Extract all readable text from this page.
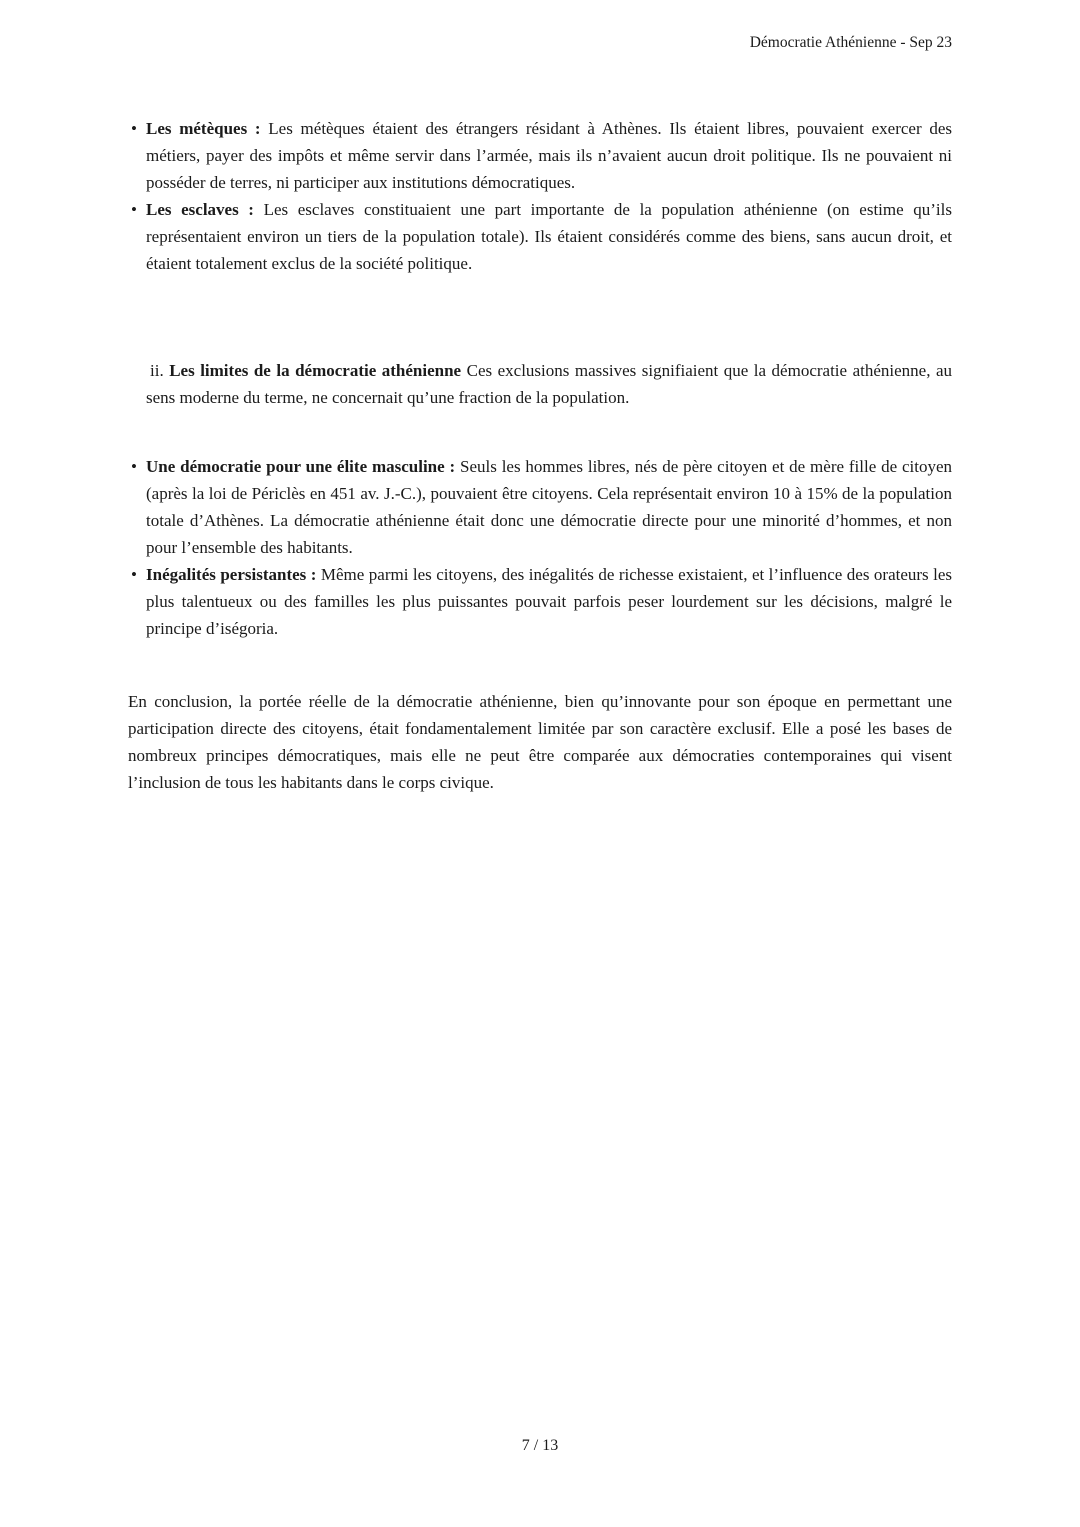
Démocratie Athénienne - Sep 23
• Les métèques : Les métèques étaient des étrangers résidant à Athènes. Ils étaient libres, pouvaient exercer des métiers, payer des impôts et même servir dans l’armée, mais ils n’avaient aucun droit politique. Ils ne pouvaient ni posséder de terres, ni participer aux institutions démocratiques.
• Les esclaves : Les esclaves constituaient une part importante de la population athénienne (on estime qu’ils représentaient environ un tiers de la population totale). Ils étaient considérés comme des biens, sans aucun droit, et étaient totalement exclus de la société politique.

ii. Les limites de la démocratie athénienne Ces exclusions massives signifiaient que la démocratie athénienne, au sens moderne du terme, ne concernait qu’une fraction de la population.

• Une démocratie pour une élite masculine : Seuls les hommes libres, nés de père citoyen et de mère fille de citoyen (après la loi de Périclès en 451 av. J.-C.), pouvaient être citoyens. Cela représentait environ 10 à 15% de la population totale d’Athènes. La démocratie athénienne était donc une démocratie directe pour une minorité d’hommes, et non pour l’ensemble des habitants.
• Inégalités persistantes : Même parmi les citoyens, des inégalités de richesse existaient, et l’influence des orateurs les plus talentueux ou des familles les plus puissantes pouvait parfois peser lourdement sur les décisions, malgré le principe d’iségoria.

En conclusion, la portée réelle de la démocratie athénienne, bien qu’innovante pour son époque en permettant une participation directe des citoyens, était fondamentalement limitée par son caractère exclusif. Elle a posé les bases de nombreux principes démocratiques, mais elle ne peut être comparée aux démocraties contemporaines qui visent l’inclusion de tous les habitants dans le corps civique.

7 / 13
